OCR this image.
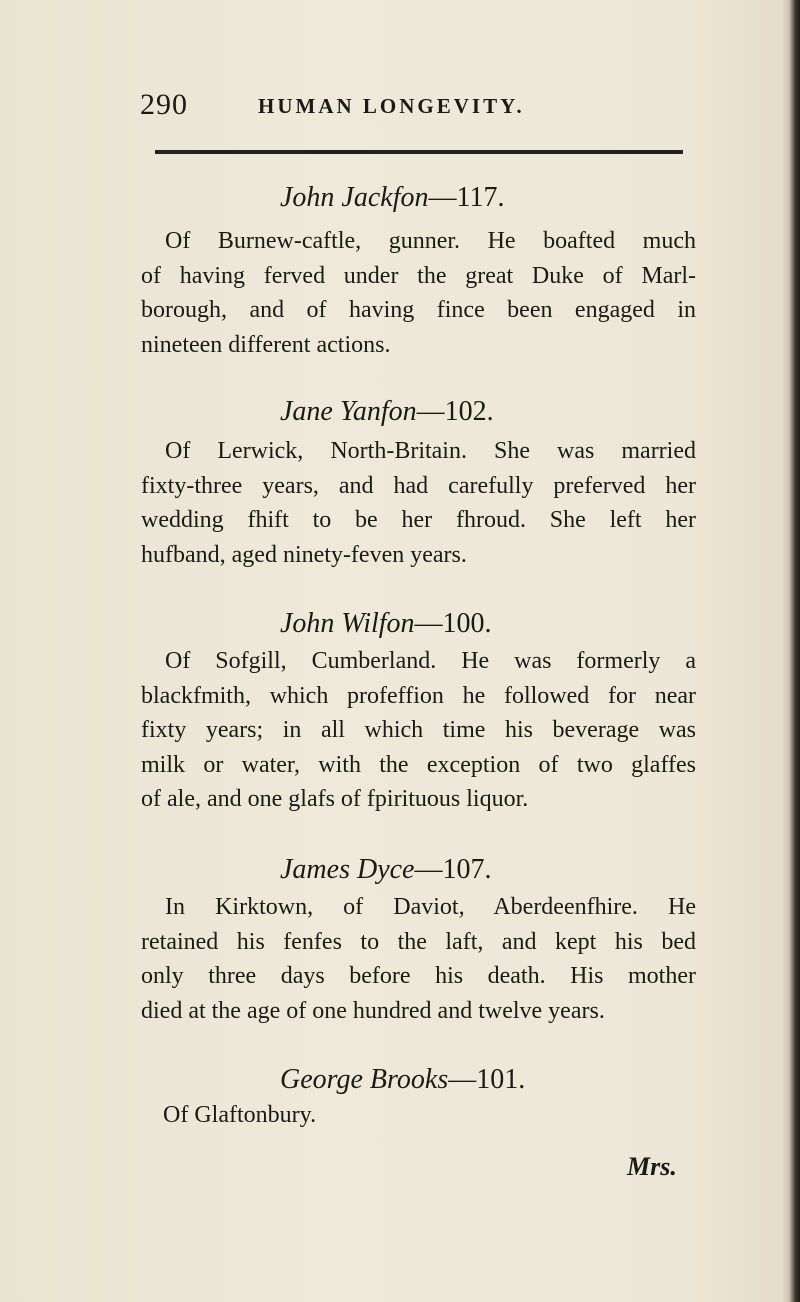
290	HUMAN LONGEVITY.
John Jackfon—117.
Of Burnew-caftle, gunner. He boafted much
of having ferved under the great Duke of Marl-
borough, and of having fince been engaged in
nineteen different actions.
Jane Yanfon—102.
Of Lerwick, North-Britain. She was married
fixty-three years, and had carefully preferved her
wedding fhift to be her fhroud. She left her
hufband, aged ninety-feven years.
John Wilfon—100.
Of Sofgill, Cumberland. He was formerly a
blackfmith, which profeffion he followed for near
fixty years; in all which time his beverage was
milk or water, with the exception of two glaffes
of ale, and one glafs of fpirituous liquor.
James Dyce—107.
In Kirktown, of Daviot, Aberdeenfhire. He
retained his fenfes to the laft, and kept his bed
only three days before his death. His mother
died at the age of one hundred and twelve years.
George Brooks—101.
Of Glaftonbury.
Mrs.
